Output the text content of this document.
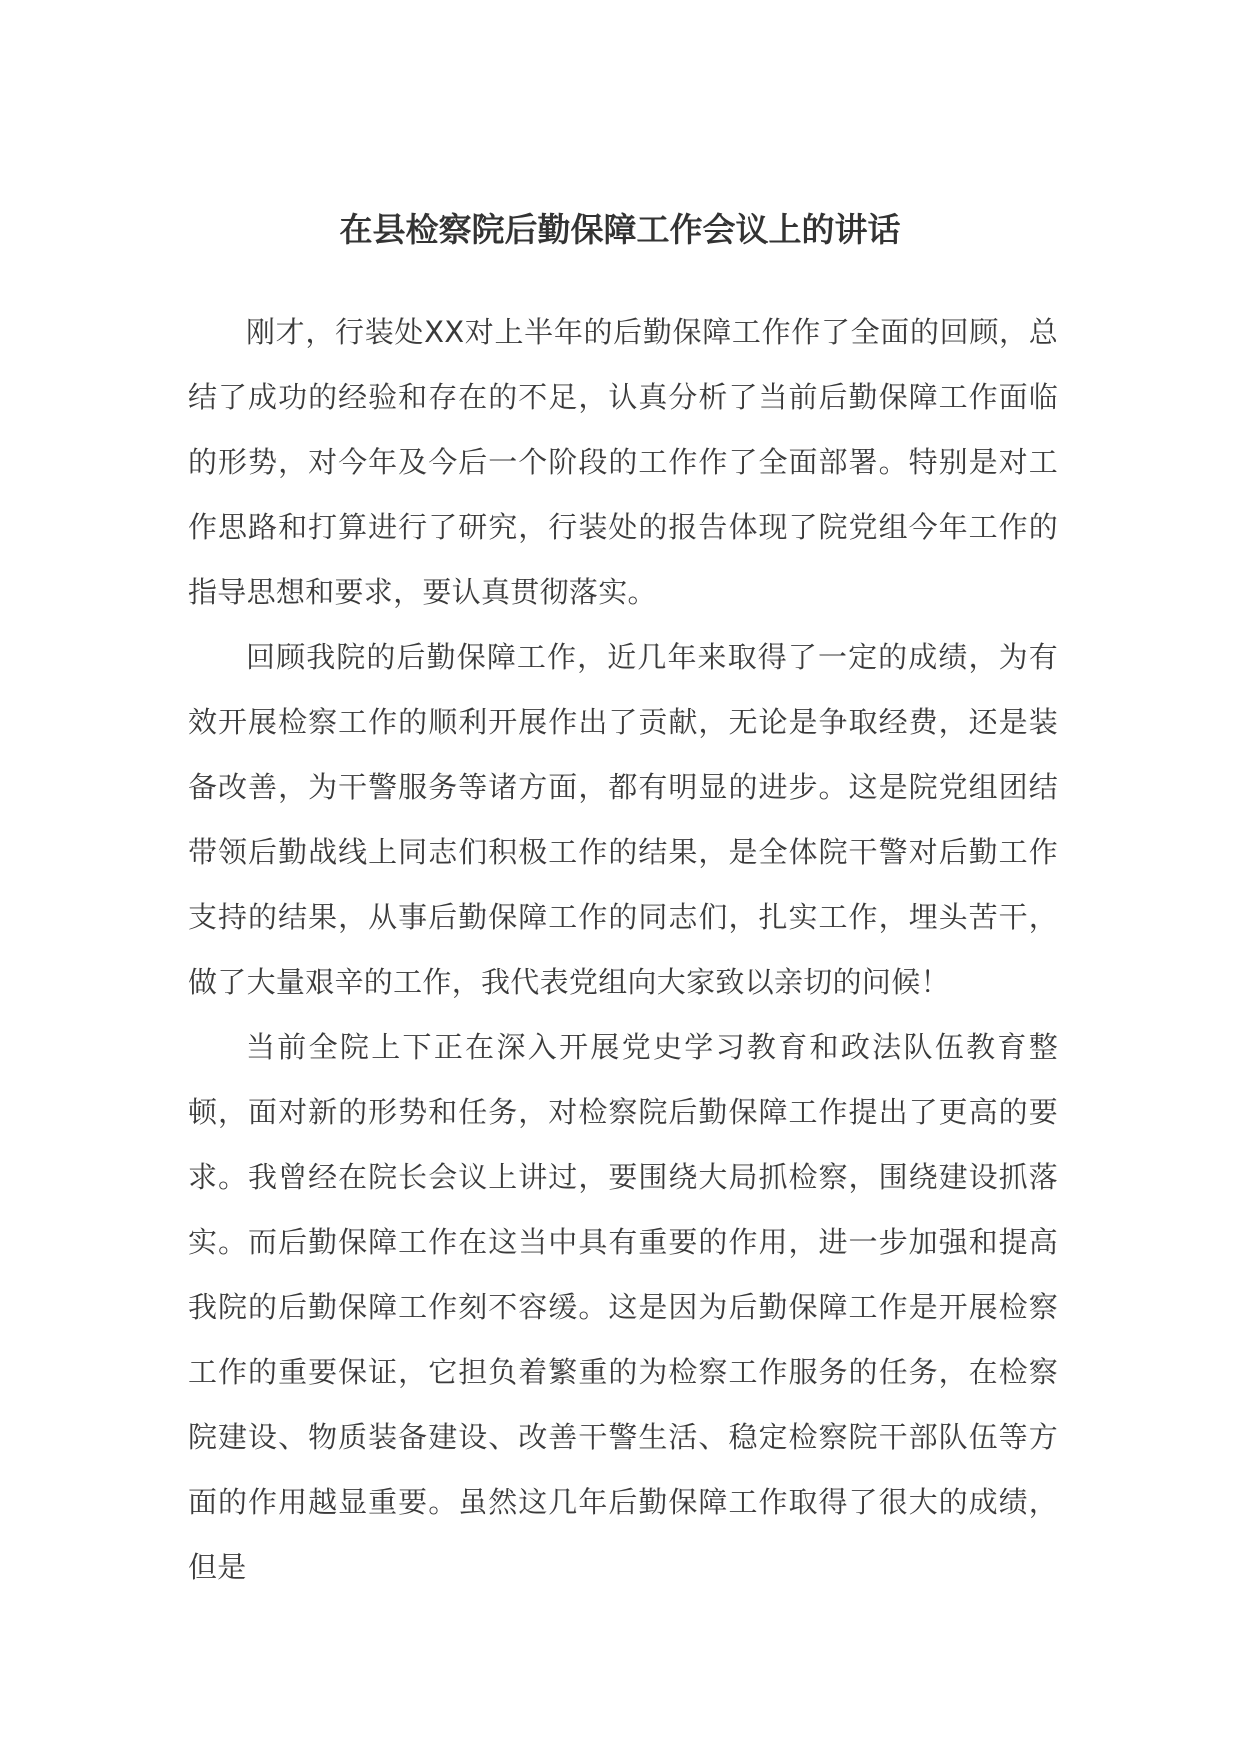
在县检察院后勤保障工作会议上的讲话

刚才，行装处XX对上半年的后勤保障工作作了全面的回顾，总结了成功的经验和存在的不足，认真分析了当前后勤保障工作面临的形势，对今年及今后一个阶段的工作作了全面部署。特别是对工作思路和打算进行了研究，行装处的报告体现了院党组今年工作的指导思想和要求，要认真贯彻落实。

回顾我院的后勤保障工作，近几年来取得了一定的成绩，为有效开展检察工作的顺利开展作出了贡献，无论是争取经费，还是装备改善，为干警服务等诸方面，都有明显的进步。这是院党组团结带领后勤战线上同志们积极工作的结果，是全体院干警对后勤工作支持的结果，从事后勤保障工作的同志们，扎实工作，埋头苦干，做了大量艰辛的工作，我代表党组向大家致以亲切的问候！

当前全院上下正在深入开展党史学习教育和政法队伍教育整顿，面对新的形势和任务，对检察院后勤保障工作提出了更高的要求。我曾经在院长会议上讲过，要围绕大局抓检察，围绕建设抓落实。而后勤保障工作在这当中具有重要的作用，进一步加强和提高我院的后勤保障工作刻不容缓。这是因为后勤保障工作是开展检察工作的重要保证，它担负着繁重的为检察工作服务的任务，在检察院建设、物质装备建设、改善干警生活、稳定检察院干部队伍等方面的作用越显重要。虽然这几年后勤保障工作取得了很大的成绩，但是
